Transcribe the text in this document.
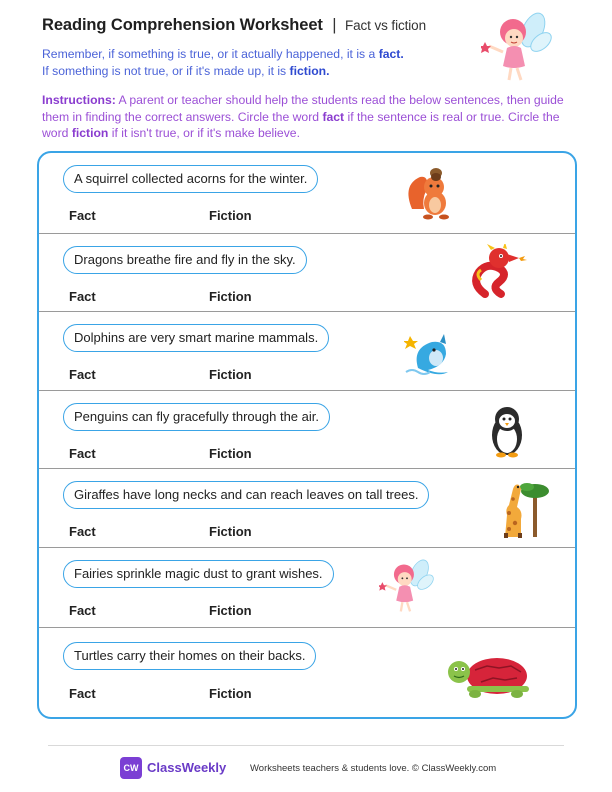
Reading Comprehension Worksheet | Fact vs fiction
Remember, if something is true, or it actually happened, it is a fact.
If something is not true, or if it's made up, it is fiction.
Instructions: A parent or teacher should help the students read the below sentences, then guide them in finding the correct answers. Circle the word fact if the sentence is real or true. Circle the word fiction if it isn't true, or if it's make believe.
A squirrel collected acorns for the winter.
Fact	Fiction
Dragons breathe fire and fly in the sky.
Fact	Fiction
Dolphins are very smart marine mammals.
Fact	Fiction
Penguins can fly gracefully through the air.
Fact	Fiction
Giraffes have long necks and can reach leaves on tall trees.
Fact	Fiction
Fairies sprinkle magic dust to grant wishes.
Fact	Fiction
Turtles carry their homes on their backs.
Fact	Fiction
CW ClassWeekly Worksheets teachers & students love. © ClassWeekly.com
